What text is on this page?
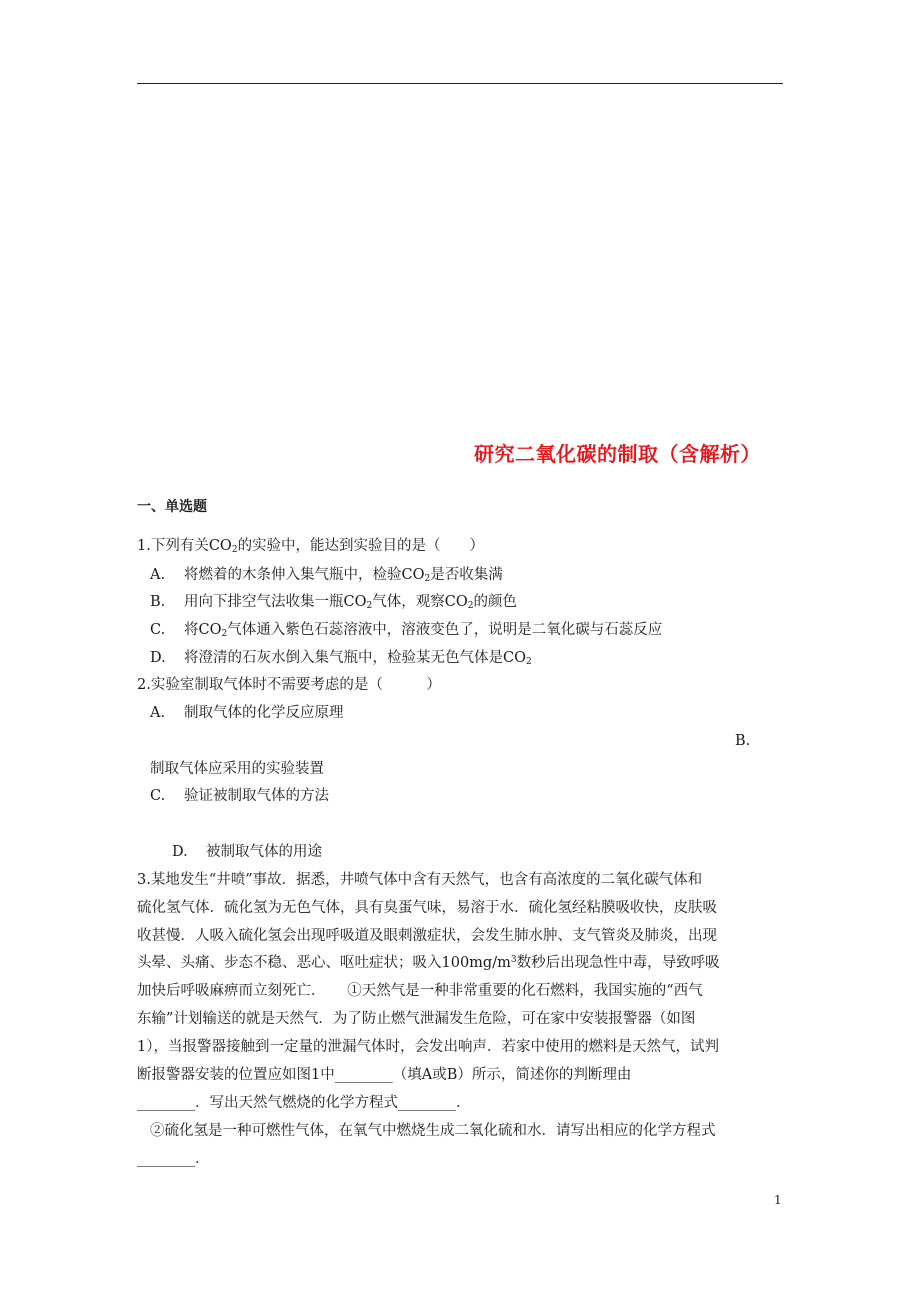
研究二氧化碳的制取（含解析）
一、单选题
1.下列有关$CO_2$的实验中，能达到实验目的是（　　）
A. 将燃着的木条伸入集气瓶中，检验$CO_2$是否收集满
B. 用向下排空气法收集一瓶$CO_2$气体，观察$CO_2$的颜色
C. 将$CO_2$气体通入紫色石蕊溶液中，溶液变色了，说明是二氧化碳与石蕊反应
D. 将澄清的石灰水倒入集气瓶中，检验某无色气体是$CO_2$
2.实验室制取气体时不需要考虑的是（　　　）
A. 制取气体的化学反应原理
B.
制取气体应采用的实验装置
C. 验证被制取气体的方法
D. 被制取气体的用途
3.某地发生“井喷”事故．据悉，井喷气体中含有天然气，也含有高浓度的二氧化碳气体和
硫化氢气体．硫化氢为无色气体，具有臭蛋气味，易溶于水．硫化氢经粘膜吸收快，皮肤吸
收甚慢．人吸入硫化氢会出现呼吸道及眼刺激症状，会发生肺水肿、支气管炎及肺炎，出现
头晕、头痛、步态不稳、恶心、呕吐症状；吸入$100mg/m^3$数秒后出现急性中毒，导致呼吸
加快后呼吸麻痹而立刻死亡．　　①天然气是一种非常重要的化石燃料，我国实施的“西气
东输”计划输送的就是天然气．为了防止燃气泄漏发生危险，可在家中安装报警器（如图
1），当报警器接触到一定量的泄漏气体时，会发出响声．若家中使用的燃料是天然气，试判
断报警器安装的位置应如图1中________（填A或B）所示，简述你的判断理由
________．写出天然气燃烧的化学方程式________．
②硫化氢是一种可燃性气体，在氧气中燃烧生成二氧化硫和水．请写出相应的化学方程式
________．
1
